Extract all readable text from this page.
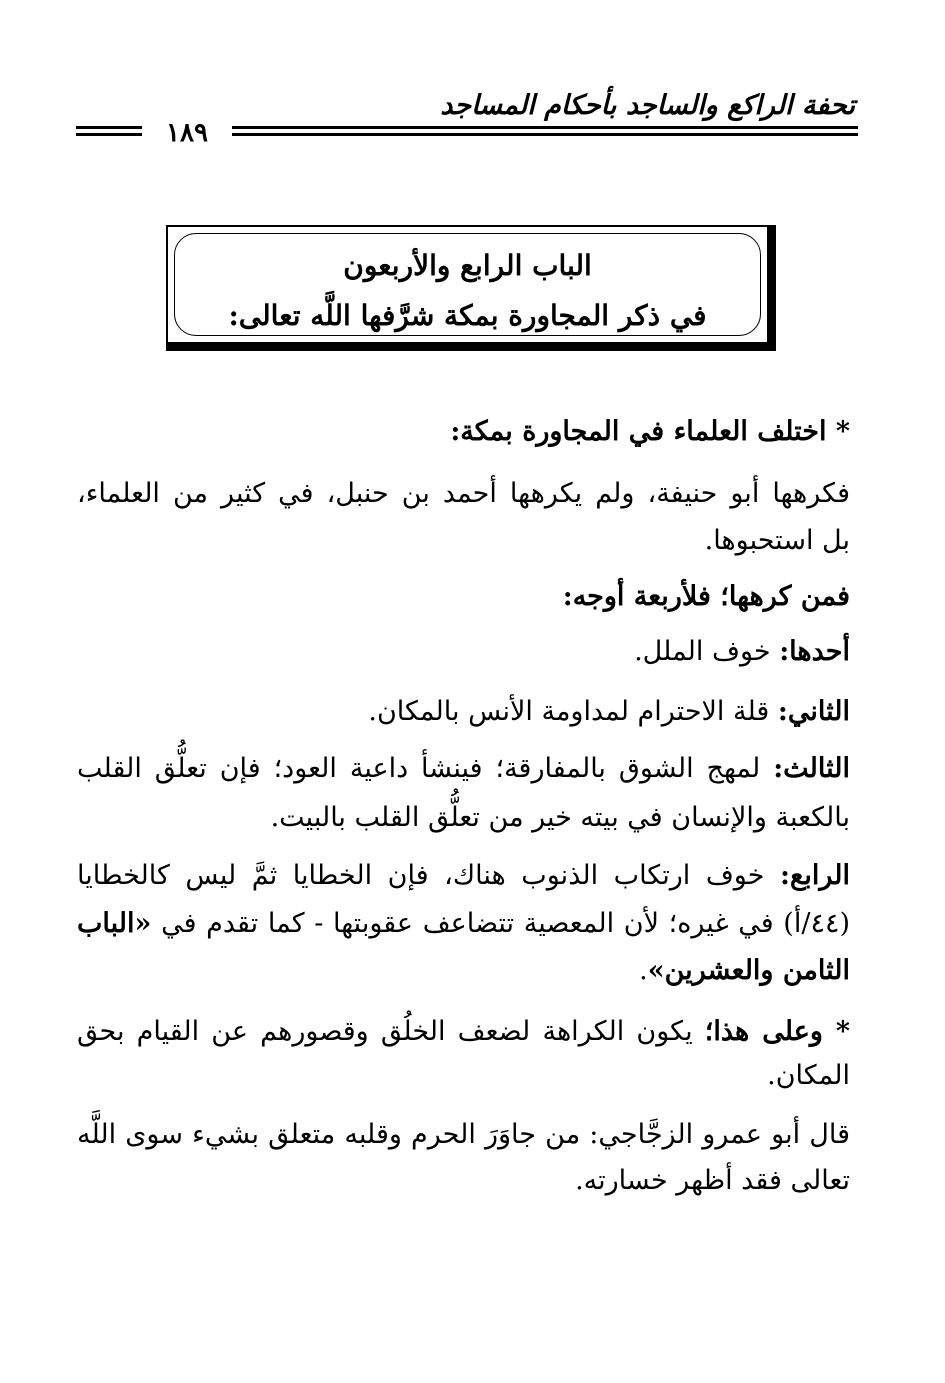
تحفة الراكع والساجد بأحكام المساجد
١٨٩
الباب الرابع والأربعون
في ذكر المجاورة بمكة شرَّفها اللَّه تعالى:
* اختلف العلماء في المجاورة بمكة:
فكرهها أبو حنيفة، ولم يكرهها أحمد بن حنبل، في كثير من العلماء،
بل استحبوها.
فمن كرهها؛ فلأربعة أوجه:
أحدها: خوف الملل.
الثاني: قلة الاحترام لمداومة الأنس بالمكان.
الثالث: لمهج الشوق بالمفارقة؛ فينشأ داعية العود؛ فإن تعلُّق القلب
بالكعبة والإنسان في بيته خير من تعلُّق القلب بالبيت.
الرابع: خوف ارتكاب الذنوب هناك، فإن الخطايا ثمَّ ليس كالخطايا
(٤٤/أ) في غيره؛ لأن المعصية تتضاعف عقوبتها - كما تقدم في «الباب
الثامن والعشرين».
* وعلى هذا؛ يكون الكراهة لضعف الخلُق وقصورهم عن القيام بحق
المكان.
قال أبو عمرو الزجَّاجي: من جاوَرَ الحرم وقلبه متعلق بشيء سوى اللَّه
تعالى فقد أظهر خسارته.
